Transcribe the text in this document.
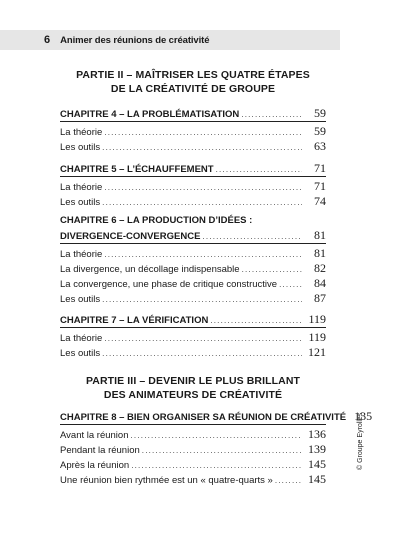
6 Animer des réunions de créativité
PARTIE II – MAÎTRISER LES QUATRE ÉTAPES
DE LA CRÉATIVITÉ DE GROUPE
CHAPITRE 4 – LA PROBLÉMATISATION .....	59
La théorie .....	59
Les outils .....	63
CHAPITRE 5 – L’ÉCHAUFFEMENT .....	71
La théorie .....	71
Les outils .....	74
CHAPITRE 6 – LA PRODUCTION D’IDÉES :
DIVERGENCE-CONVERGENCE .....	81
La théorie .....	81
La divergence, un décollage indispensable .....	82
La convergence, une phase de critique constructive .....	84
Les outils .....	87
CHAPITRE 7 – LA VÉRIFICATION .....	119
La théorie .....	119
Les outils .....	121
PARTIE III – DEVENIR LE PLUS BRILLANT
DES ANIMATEURS DE CRÉATIVITÉ
CHAPITRE 8 – BIEN ORGANISER SA RÉUNION DE CRÉATIVITÉ 135
Avant la réunion .....	136
Pendant la réunion .....	139
Après la réunion .....	145
Une réunion bien rythmée est un « quatre-quarts » .....	145
© Groupe Eyrolles
